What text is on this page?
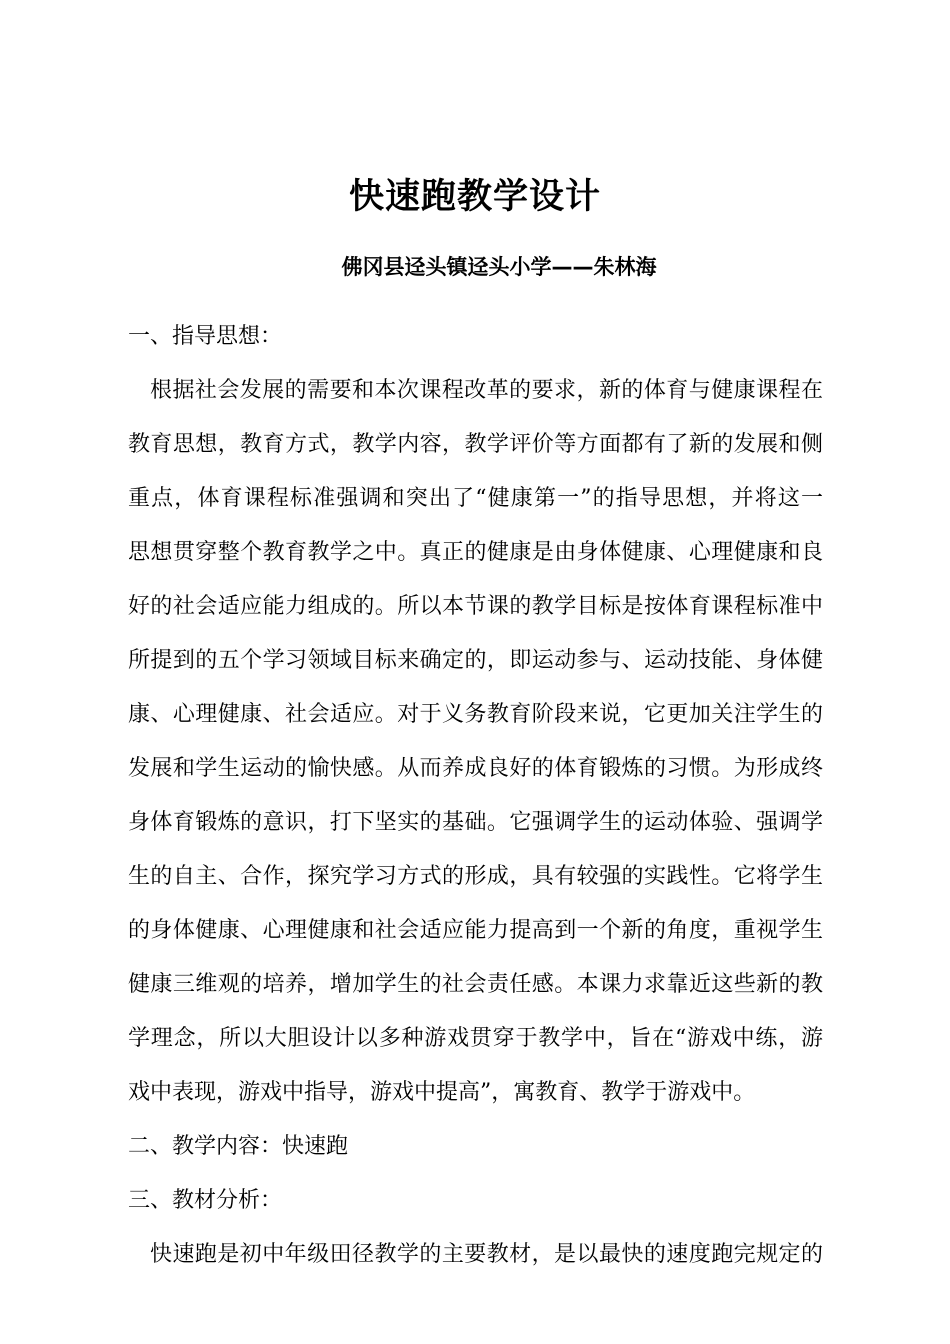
快速跑教学设计
佛冈县迳头镇迳头小学——朱林海
一、指导思想：
根据社会发展的需要和本次课程改革的要求，新的体育与健康课程在
教育思想，教育方式，教学内容，教学评价等方面都有了新的发展和侧
重点，体育课程标准强调和突出了“健康第一”的指导思想，并将这一
思想贯穿整个教育教学之中。真正的健康是由身体健康、心理健康和良
好的社会适应能力组成的。所以本节课的教学目标是按体育课程标准中
所提到的五个学习领域目标来确定的，即运动参与、运动技能、身体健
康、心理健康、社会适应。对于义务教育阶段来说，它更加关注学生的
发展和学生运动的愉快感。从而养成良好的体育锻炼的习惯。为形成终
身体育锻炼的意识，打下坚实的基础。它强调学生的运动体验、强调学
生的自主、合作，探究学习方式的形成，具有较强的实践性。它将学生
的身体健康、心理健康和社会适应能力提高到一个新的角度，重视学生
健康三维观的培养，增加学生的社会责任感。本课力求靠近这些新的教
学理念，所以大胆设计以多种游戏贯穿于教学中，旨在“游戏中练，游
戏中表现，游戏中指导，游戏中提高”，寓教育、教学于游戏中。
二、教学内容：快速跑
三、教材分析：
快速跑是初中年级田径教学的主要教材，是以最快的速度跑完规定的
